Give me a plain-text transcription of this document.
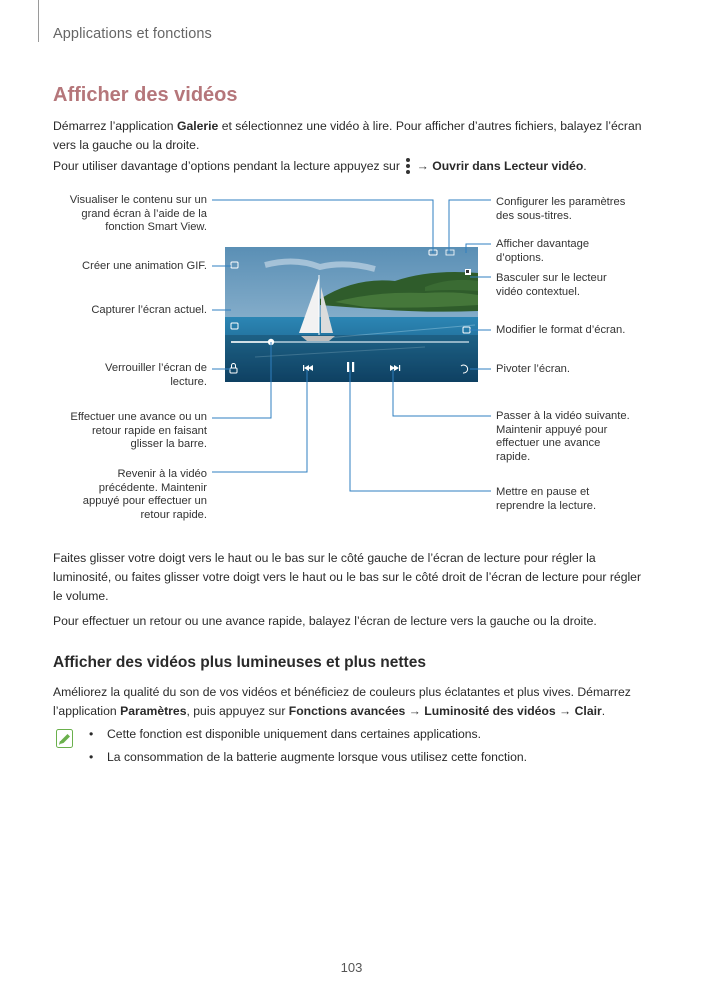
Applications et fonctions
Afficher des vidéos
Démarrez l’application Galerie et sélectionnez une vidéo à lire. Pour afficher d’autres fichiers, balayez l’écran vers la gauche ou la droite.
Pour utiliser davantage d’options pendant la lecture appuyez sur
→ Ouvrir dans Lecteur vidéo.
Visualiser le contenu sur un grand écran à l’aide de la fonction Smart View.
Créer une animation GIF.
Capturer l’écran actuel.
Verrouiller l’écran de lecture.
Effectuer une avance ou un retour rapide en faisant glisser la barre.
Revenir à la vidéo précédente. Maintenir appuyé pour effectuer un retour rapide.
Configurer les paramètres des sous-titres.
Afficher davantage d’options.
Basculer sur le lecteur vidéo contextuel.
Modifier le format d’écran.
Pivoter l’écran.
Passer à la vidéo suivante. Maintenir appuyé pour effectuer une avance rapide.
Mettre en pause et reprendre la lecture.
Faites glisser votre doigt vers le haut ou le bas sur le côté gauche de l’écran de lecture pour régler la luminosité, ou faites glisser votre doigt vers le haut ou le bas sur le côté droit de l’écran de lecture pour régler le volume.
Pour effectuer un retour ou une avance rapide, balayez l’écran de lecture vers la gauche ou la droite.
Afficher des vidéos plus lumineuses et plus nettes
Améliorez la qualité du son de vos vidéos et bénéficiez de couleurs plus éclatantes et plus vives. Démarrez l’application Paramètres, puis appuyez sur Fonctions avancées → Luminosité des vidéos → Clair.
• Cette fonction est disponible uniquement dans certaines applications.
• La consommation de la batterie augmente lorsque vous utilisez cette fonction.
103
